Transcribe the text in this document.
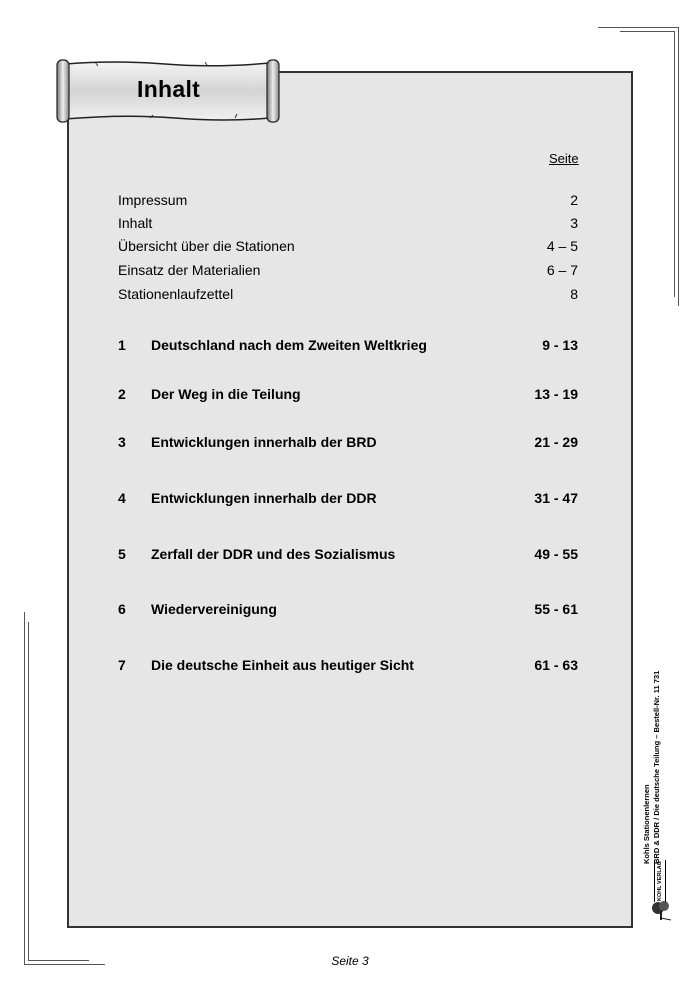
Inhalt
Seite
Impressum	2
Inhalt	3
Übersicht über die Stationen	4 – 5
Einsatz der Materialien	6 – 7
Stationenlaufzettel	8
1 Deutschland nach dem Zweiten Weltkrieg	9 - 13
2 Der Weg in die Teilung	13 - 19
3 Entwicklungen innerhalb der BRD	21 - 29
4 Entwicklungen innerhalb der DDR	31 - 47
5 Zerfall der DDR und des Sozialismus	49 - 55
6 Wiedervereinigung	55 - 61
7 Die deutsche Einheit aus heutiger Sicht	61 - 63
KOHL VERLAG
Kohls Stationenlernen BRD & DDR / Die deutsche Teilung – Bestell-Nr. 11 731
Seite 3
